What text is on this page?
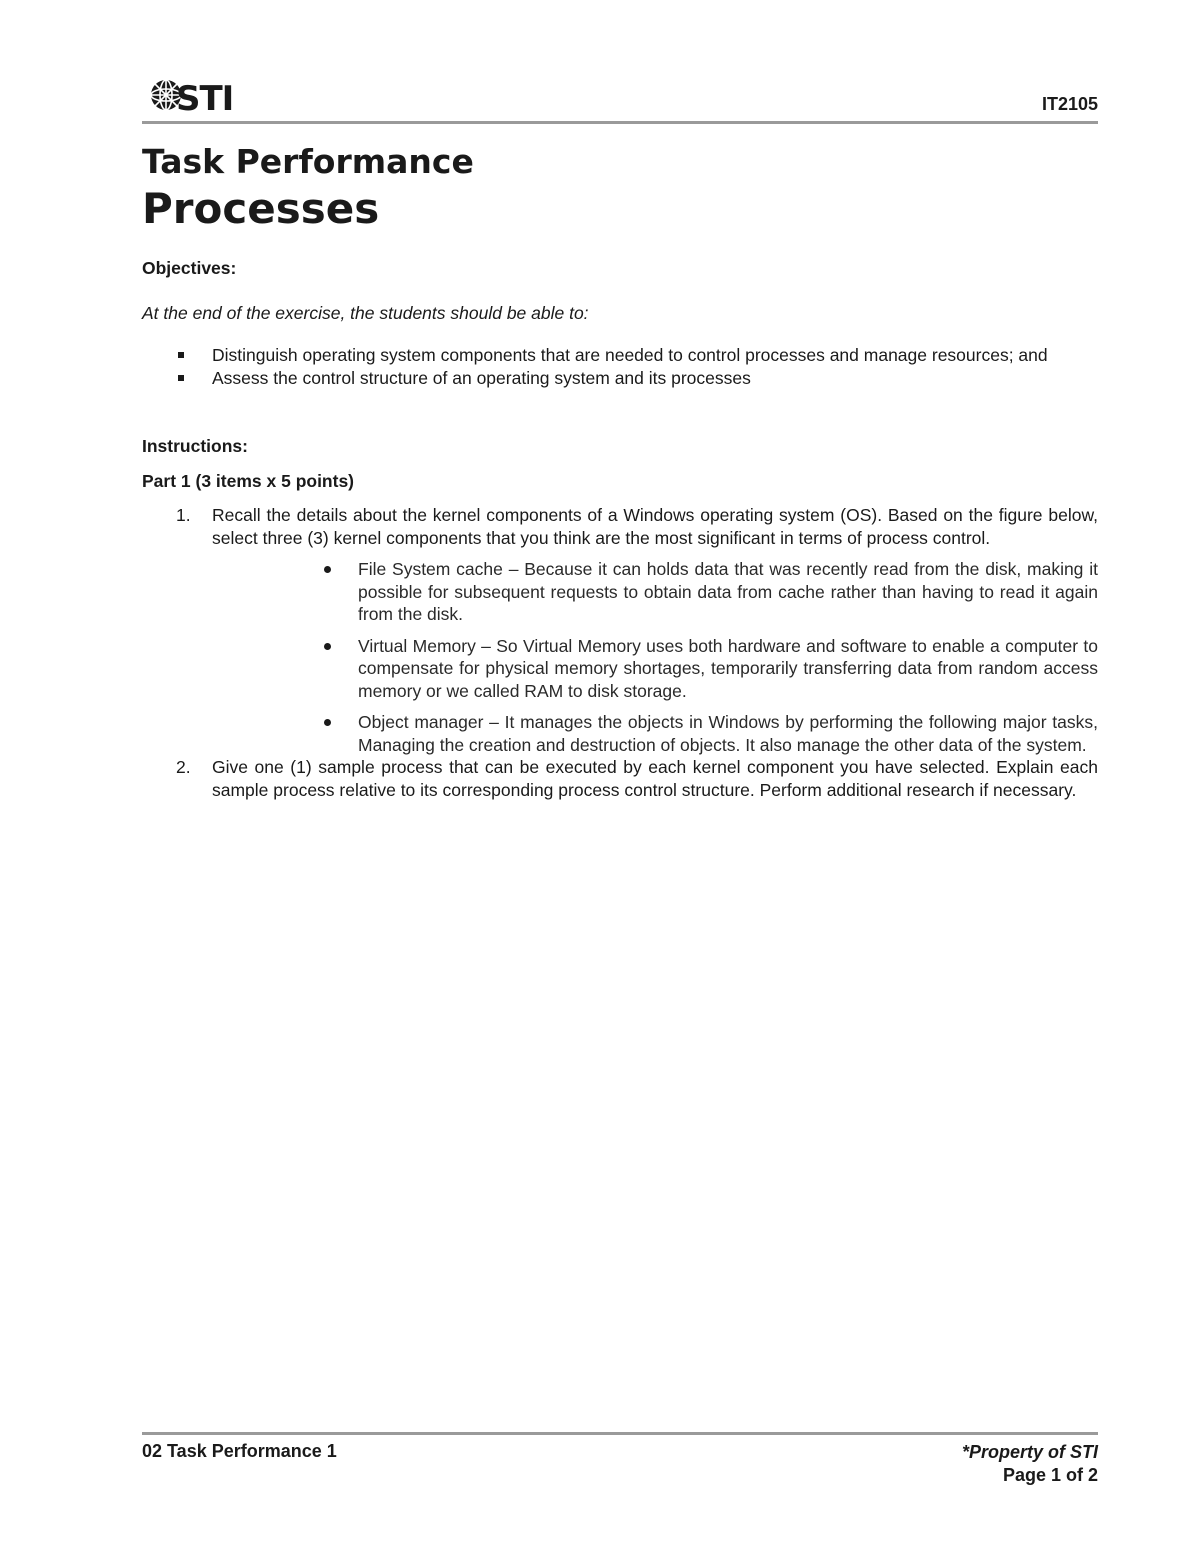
STI	IT2105
Task Performance
Processes
Objectives:
At the end of the exercise, the students should be able to:
Distinguish operating system components that are needed to control processes and manage resources; and
Assess the control structure of an operating system and its processes
Instructions:
Part 1 (3 items x 5 points)
1. Recall the details about the kernel components of a Windows operating system (OS). Based on the figure below, select three (3) kernel components that you think are the most significant in terms of process control.
File System cache – Because it can holds data that was recently read from the disk, making it possible for subsequent requests to obtain data from cache rather than having to read it again from the disk.
Virtual Memory – So Virtual Memory uses both hardware and software to enable a computer to compensate for physical memory shortages, temporarily transferring data from random access memory or we called RAM to disk storage.
Object manager – It manages the objects in Windows by performing the following major tasks, Managing the creation and destruction of objects. It also manage the other data of the system.
2. Give one (1) sample process that can be executed by each kernel component you have selected. Explain each sample process relative to its corresponding process control structure. Perform additional research if necessary.
02 Task Performance 1	*Property of STI
Page 1 of 2
